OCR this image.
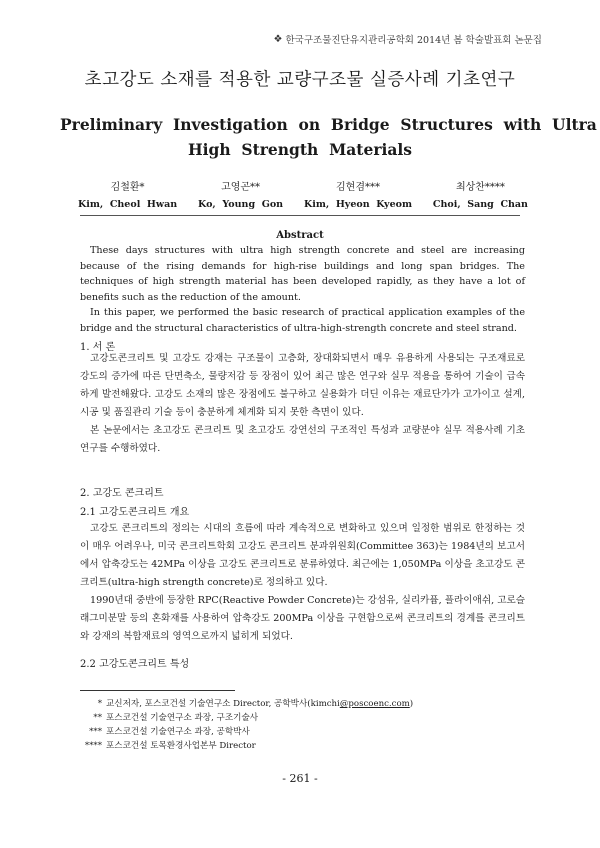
❖ 한국구조물진단유지관리공학회 2014년 봄 학술발표회 논문집
초고강도 소재를 적용한 교량구조물 실증사례 기초연구
Preliminary  Investigation  on  Bridge  Structures  with  Ultra
High  Strength  Materials
김철환*
Kim,  Cheol  Hwan
고영곤**
Ko,  Young  Gon
김현겸***
Kim,  Hyeon  Kyeom
최상찬****
Choi,  Sang  Chan
Abstract

These days structures with ultra high strength concrete and steel are increasing because of the rising demands for high-rise buildings and long span bridges. The techniques of high strength material has been developed rapidly, as they have a lot of benefits such as the reduction of the amount.

In this paper, we performed the basic research of practical application examples of the bridge and the structural characteristics of ultra-high-strength concrete and steel strand.

1. 서 론

고강도콘크리트 및 고강도 강재는 구조물이 고층화, 장대화되면서 매우 유용하게 사용되는 구조재료로 강도의 증가에 따른 단면축소, 물량저감 등 장점이 있어 최근 많은 연구와 실무 적용을 통하여 기술이 급속하게 발전해왔다. 고강도 소재의 많은 장점에도 불구하고 실용화가 더딘 이유는 재료단가가 고가이고 설계, 시공 및 품질관리 기술 등이 충분하게 체계화 되지 못한 측면이 있다.

본 논문에서는 초고강도 콘크리트 및 초고강도 강연선의 구조적인 특성과 교량분야 실무 적용사례 기초연구를 수행하였다.

2. 고강도 콘크리트
2.1 고강도콘크리트 개요

고강도 콘크리트의 정의는 시대의 흐름에 따라 계속적으로 변화하고 있으며 일정한 범위로 한정하는 것이 매우 어려우나, 미국 콘크리트학회 고강도 콘크리트 분과위원회(Committee 363)는 1984년의 보고서에서 압축강도는 42MPa 이상을 고강도 콘크리트로 분류하였다. 최근에는 1,050MPa 이상을 초고강도 콘크리트(ultra-high strength concrete)로 정의하고 있다.

1990년대 중반에 등장한 RPC(Reactive Powder Concrete)는 강섬유, 실리카퓸, 플라이애쉬, 고로슬래그미분말 등의 혼화재를 사용하여 압축강도 200MPa 이상을 구현함으로써 콘크리트의 경계를 콘크리트와 강재의 복합재료의 영역으로까지 넓히게 되었다.

2.2 고강도콘크리트 특성
* 교신저자, 포스코건설 기술연구소 Director, 공학박사(kimchi@poscoenc.com)
** 포스코건설 기술연구소 과장, 구조기술사
*** 포스코건설 기술연구소 과장, 공학박사
**** 포스코건설 토목환경사업본부 Director
- 261 -
